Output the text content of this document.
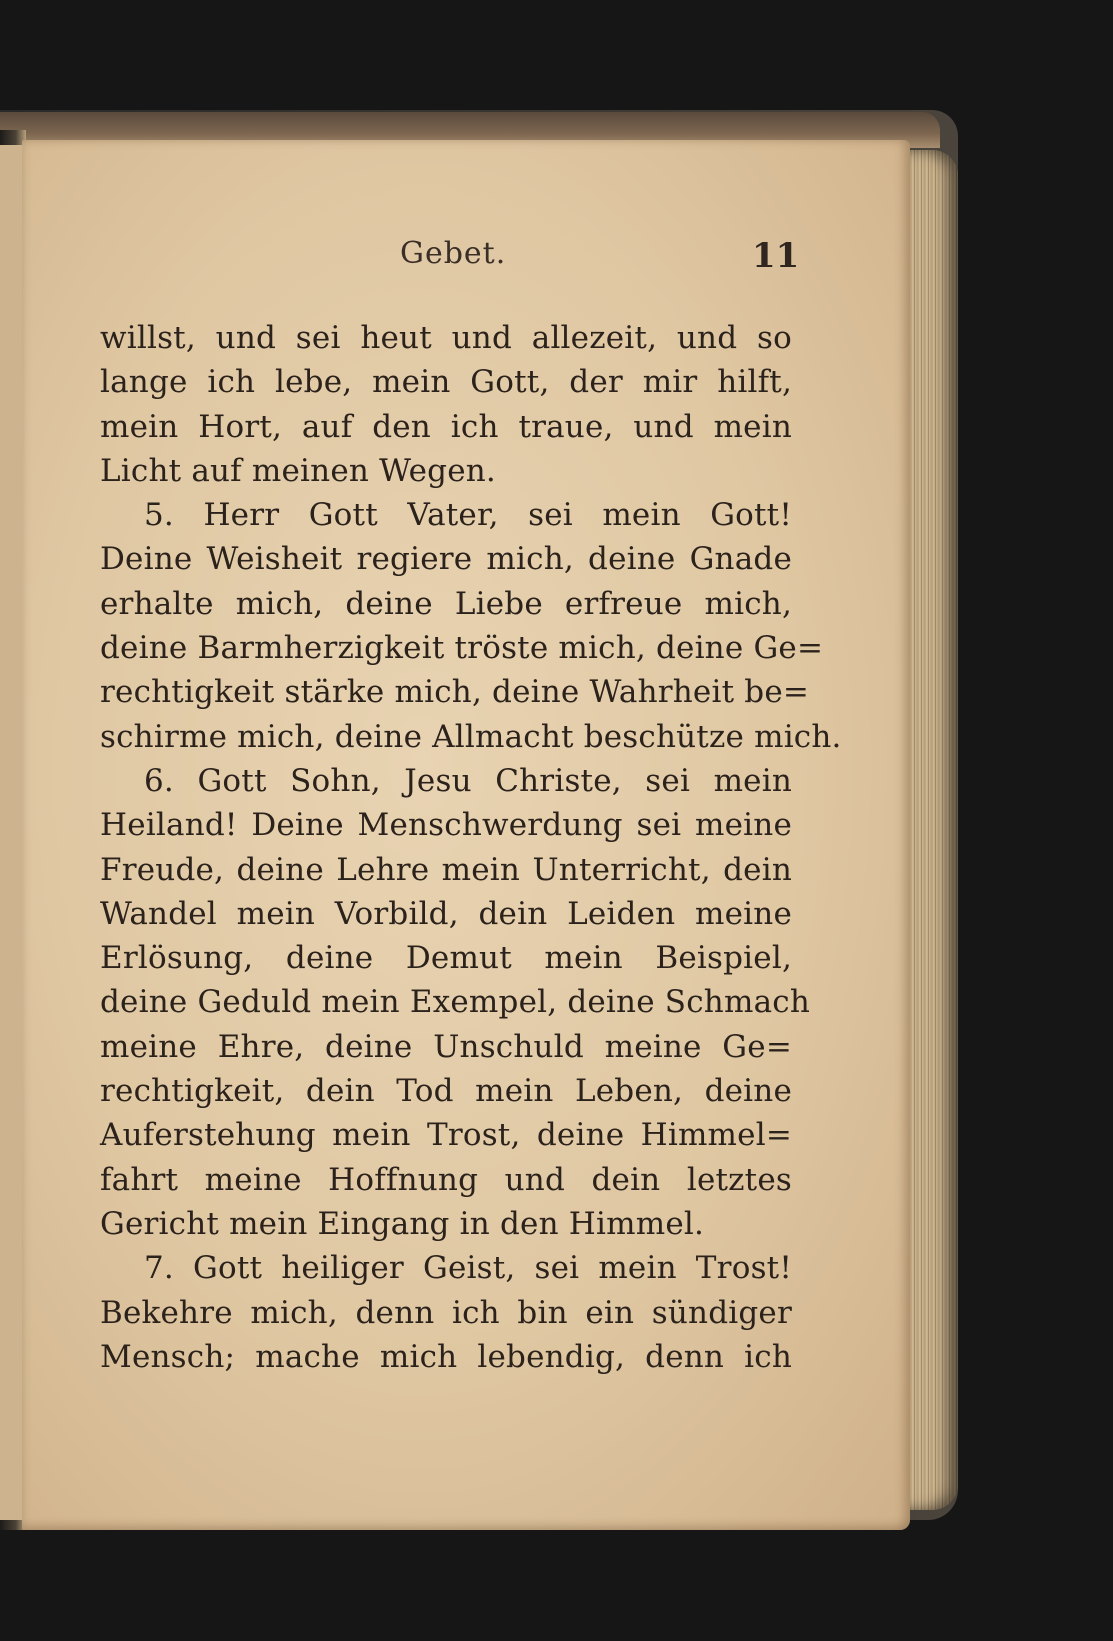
Gebet.	11
willst, und sei heut und allezeit, und so
lange ich lebe, mein Gott, der mir hilft,
mein Hort, auf den ich traue, und mein
Licht auf meinen Wegen.
5. Herr Gott Vater, sei mein Gott!
Deine Weisheit regiere mich, deine Gnade
erhalte mich, deine Liebe erfreue mich,
deine Barmherzigkeit tröste mich, deine Ge=
rechtigkeit stärke mich, deine Wahrheit be=
schirme mich, deine Allmacht beschütze mich.
6. Gott Sohn, Jesu Christe, sei mein
Heiland! Deine Menschwerdung sei meine
Freude, deine Lehre mein Unterricht, dein
Wandel mein Vorbild, dein Leiden meine
Erlösung, deine Demut mein Beispiel,
deine Geduld mein Exempel, deine Schmach
meine Ehre, deine Unschuld meine Ge=
rechtigkeit, dein Tod mein Leben, deine
Auferstehung mein Trost, deine Himmel=
fahrt meine Hoffnung und dein letztes
Gericht mein Eingang in den Himmel.
7. Gott heiliger Geist, sei mein Trost!
Bekehre mich, denn ich bin ein sündiger
Mensch; mache mich lebendig, denn ich
